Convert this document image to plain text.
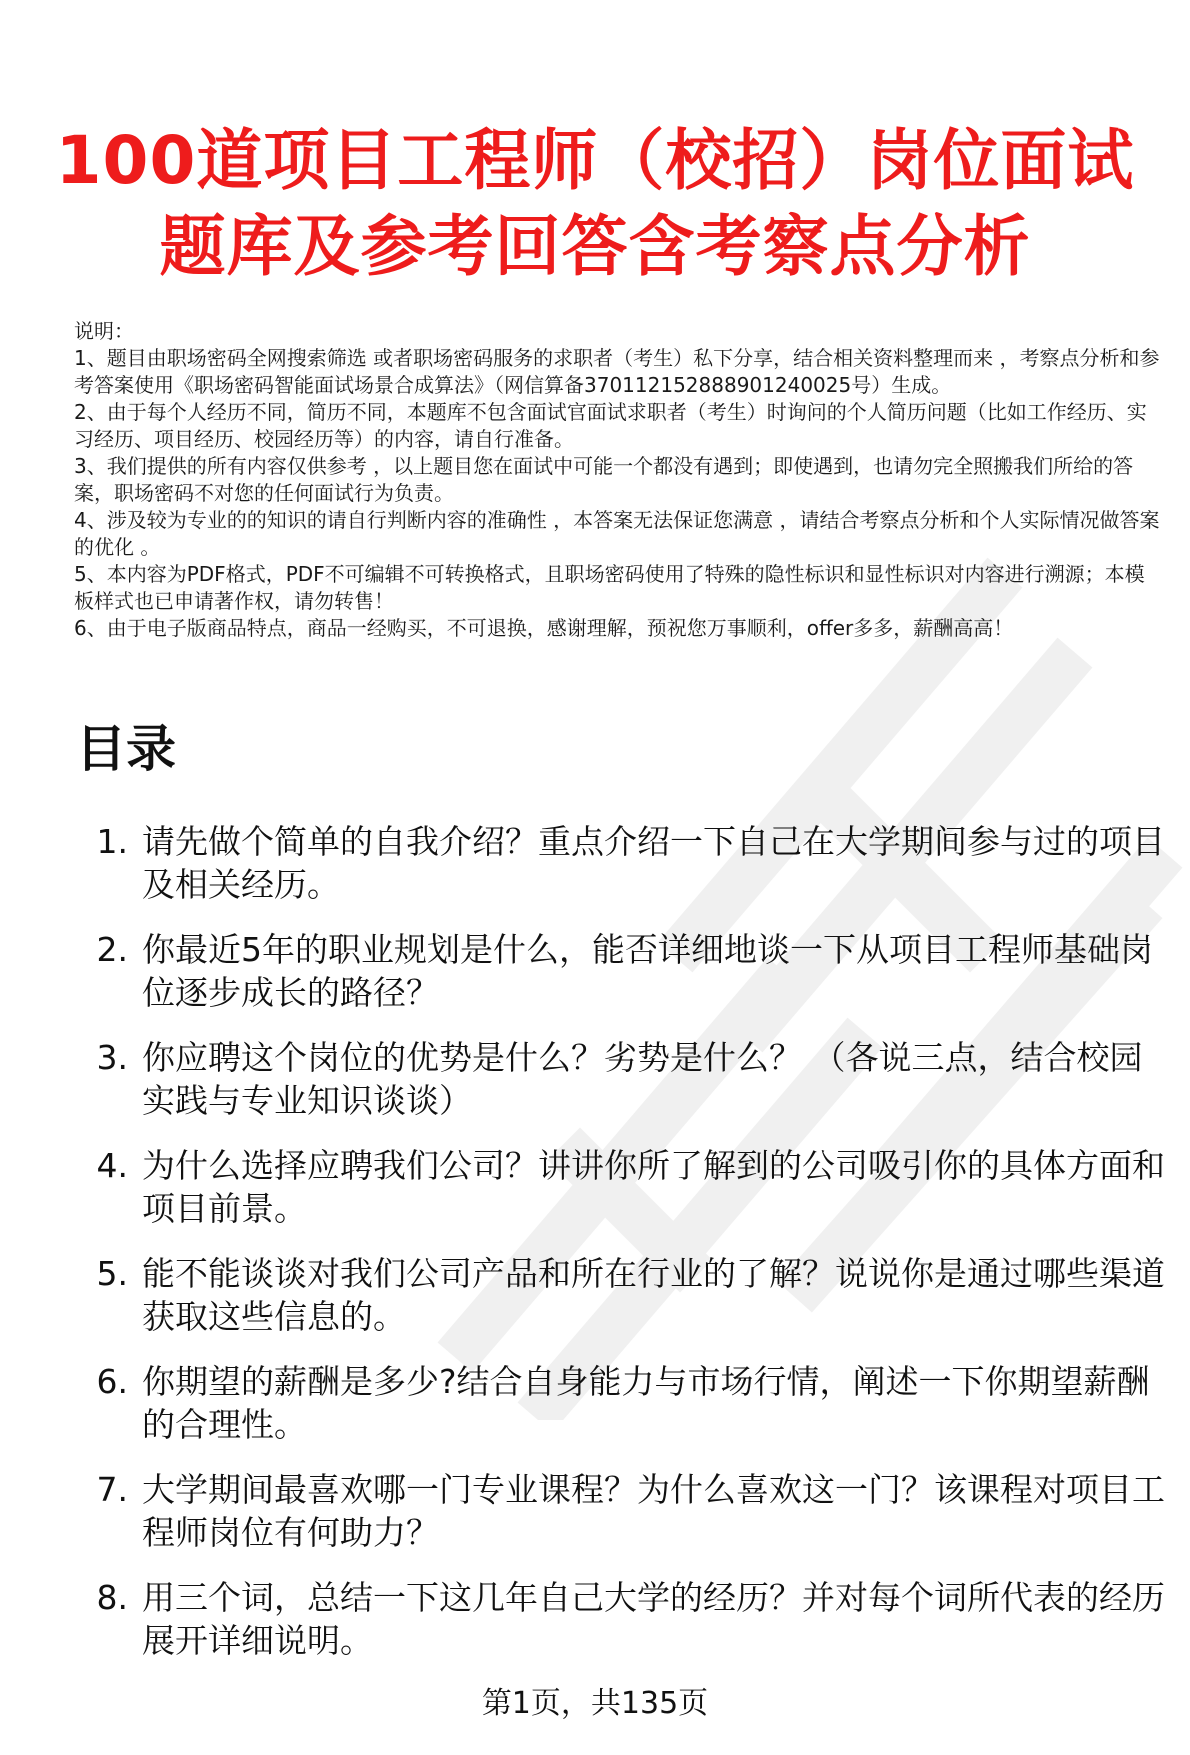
100道项目工程师（校招）岗位面试
题库及参考回答含考察点分析

说明：

1、题目由职场密码全网搜索筛选 或者职场密码服务的求职者（考生）私下分享，结合相关资料整理而来 ，考察点分析和参考答案使用《职场密码智能面试场景合成算法》（网信算备370112152888901240025号）生成。

2、由于每个人经历不同，简历不同，本题库不包含面试官面试求职者（考生）时询问的个人简历问题（比如工作经历、实习经历、项目经历、校园经历等）的内容，请自行准备。

3、我们提供的所有内容仅供参考 ，以上题目您在面试中可能一个都没有遇到；即使遇到，也请勿完全照搬我们所给的答案，职场密码不对您的任何面试行为负责。

4、涉及较为专业的的知识的请自行判断内容的准确性 ，本答案无法保证您满意 ，请结合考察点分析和个人实际情况做答案的优化 。

5、本内容为PDF格式，PDF不可编辑不可转换格式，且职场密码使用了特殊的隐性标识和显性标识对内容进行溯源；本模板样式也已申请著作权，请勿转售！

6、由于电子版商品特点，商品一经购买，不可退换，感谢理解，预祝您万事顺利，offer多多，薪酬高高！

目录
1. 请先做个简单的自我介绍？重点介绍一下自己在大学期间参与过的项目及相关经历。
2. 你最近5年的职业规划是什么，能否详细地谈一下从项目工程师基础岗位逐步成长的路径？
3. 你应聘这个岗位的优势是什么？劣势是什么？ （各说三点，结合校园实践与专业知识谈谈）
4. 为什么选择应聘我们公司？讲讲你所了解到的公司吸引你的具体方面和项目前景。
5. 能不能谈谈对我们公司产品和所在行业的了解？说说你是通过哪些渠道获取这些信息的。
6. 你期望的薪酬是多少?结合自身能力与市场行情，阐述一下你期望薪酬的合理性。
7. 大学期间最喜欢哪一门专业课程？为什么喜欢这一门？该课程对项目工程师岗位有何助力？
8. 用三个词，总结一下这几年自己大学的经历？并对每个词所代表的经历展开详细说明。
第1页，共135页
